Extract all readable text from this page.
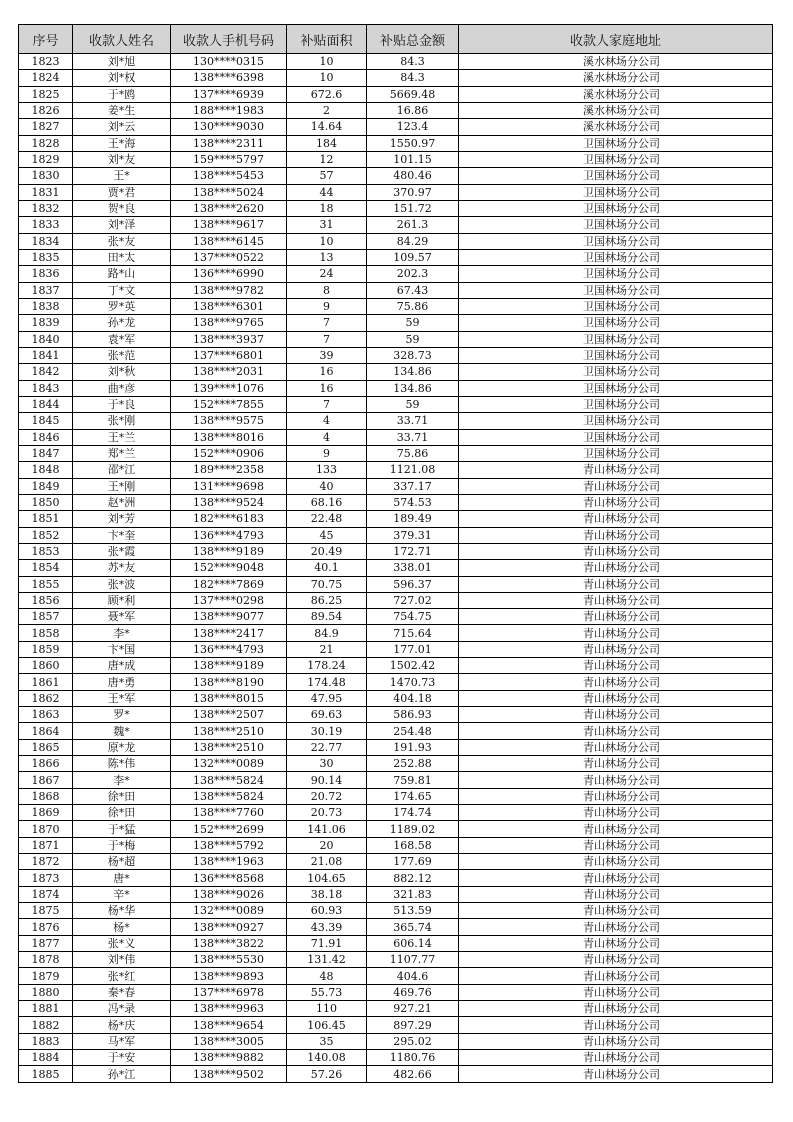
序号	收款人姓名	收款人手机号码	补贴面积	补贴总金额	收款人家庭地址
1823	刘*旭	130****0315	10	84.3	溪水林场分公司
1824	刘*权	138****6398	10	84.3	溪水林场分公司
1825	于*鸥	137****6939	672.6	5669.48	溪水林场分公司
1826	姜*生	188****1983	2	16.86	溪水林场分公司
1827	刘*云	130****9030	14.64	123.4	溪水林场分公司
1828	王*海	138****2311	184	1550.97	卫国林场分公司
1829	刘*友	159****5797	12	101.15	卫国林场分公司
1830	王*	138****5453	57	480.46	卫国林场分公司
1831	贾*君	138****5024	44	370.97	卫国林场分公司
1832	贺*良	138****2620	18	151.72	卫国林场分公司
1833	刘*泽	138****9617	31	261.3	卫国林场分公司
1834	张*友	138****6145	10	84.29	卫国林场分公司
1835	田*太	137****0522	13	109.57	卫国林场分公司
1836	路*山	136****6990	24	202.3	卫国林场分公司
1837	丁*文	138****9782	8	67.43	卫国林场分公司
1838	罗*英	138****6301	9	75.86	卫国林场分公司
1839	孙*龙	138****9765	7	59	卫国林场分公司
1840	袁*军	138****3937	7	59	卫国林场分公司
1841	张*范	137****6801	39	328.73	卫国林场分公司
1842	刘*秋	138****2031	16	134.86	卫国林场分公司
1843	曲*彦	139****1076	16	134.86	卫国林场分公司
1844	于*良	152****7855	7	59	卫国林场分公司
1845	张*刚	138****9575	4	33.71	卫国林场分公司
1846	王*兰	138****8016	4	33.71	卫国林场分公司
1847	郑*兰	152****0906	9	75.86	卫国林场分公司
1848	邵*江	189****2358	133	1121.08	青山林场分公司
1849	王*刚	131****9698	40	337.17	青山林场分公司
1850	赵*洲	138****9524	68.16	574.53	青山林场分公司
1851	刘*芳	182****6183	22.48	189.49	青山林场分公司
1852	卞*奎	136****4793	45	379.31	青山林场分公司
1853	张*霞	138****9189	20.49	172.71	青山林场分公司
1854	苏*友	152****9048	40.1	338.01	青山林场分公司
1855	张*波	182****7869	70.75	596.37	青山林场分公司
1856	顾*利	137****0298	86.25	727.02	青山林场分公司
1857	聂*军	138****9077	89.54	754.75	青山林场分公司
1858	李*	138****2417	84.9	715.64	青山林场分公司
1859	卞*国	136****4793	21	177.01	青山林场分公司
1860	唐*成	138****9189	178.24	1502.42	青山林场分公司
1861	唐*勇	138****8190	174.48	1470.73	青山林场分公司
1862	王*军	138****8015	47.95	404.18	青山林场分公司
1863	罗*	138****2507	69.63	586.93	青山林场分公司
1864	魏*	138****2510	30.19	254.48	青山林场分公司
1865	原*龙	138****2510	22.77	191.93	青山林场分公司
1866	陈*伟	132****0089	30	252.88	青山林场分公司
1867	李*	138****5824	90.14	759.81	青山林场分公司
1868	徐*田	138****5824	20.72	174.65	青山林场分公司
1869	徐*田	138****7760	20.73	174.74	青山林场分公司
1870	于*猛	152****2699	141.06	1189.02	青山林场分公司
1871	于*梅	138****5792	20	168.58	青山林场分公司
1872	杨*超	138****1963	21.08	177.69	青山林场分公司
1873	唐*	136****8568	104.65	882.12	青山林场分公司
1874	辛*	138****9026	38.18	321.83	青山林场分公司
1875	杨*华	132****0089	60.93	513.59	青山林场分公司
1876	杨*	138****0927	43.39	365.74	青山林场分公司
1877	张*义	138****3822	71.91	606.14	青山林场分公司
1878	刘*伟	138****5530	131.42	1107.77	青山林场分公司
1879	张*红	138****9893	48	404.6	青山林场分公司
1880	秦*春	137****6978	55.73	469.76	青山林场分公司
1881	冯*录	138****9963	110	927.21	青山林场分公司
1882	杨*庆	138****9654	106.45	897.29	青山林场分公司
1883	马*军	138****3005	35	295.02	青山林场分公司
1884	于*安	138****9882	140.08	1180.76	青山林场分公司
1885	孙*江	138****9502	57.26	482.66	青山林场分公司
